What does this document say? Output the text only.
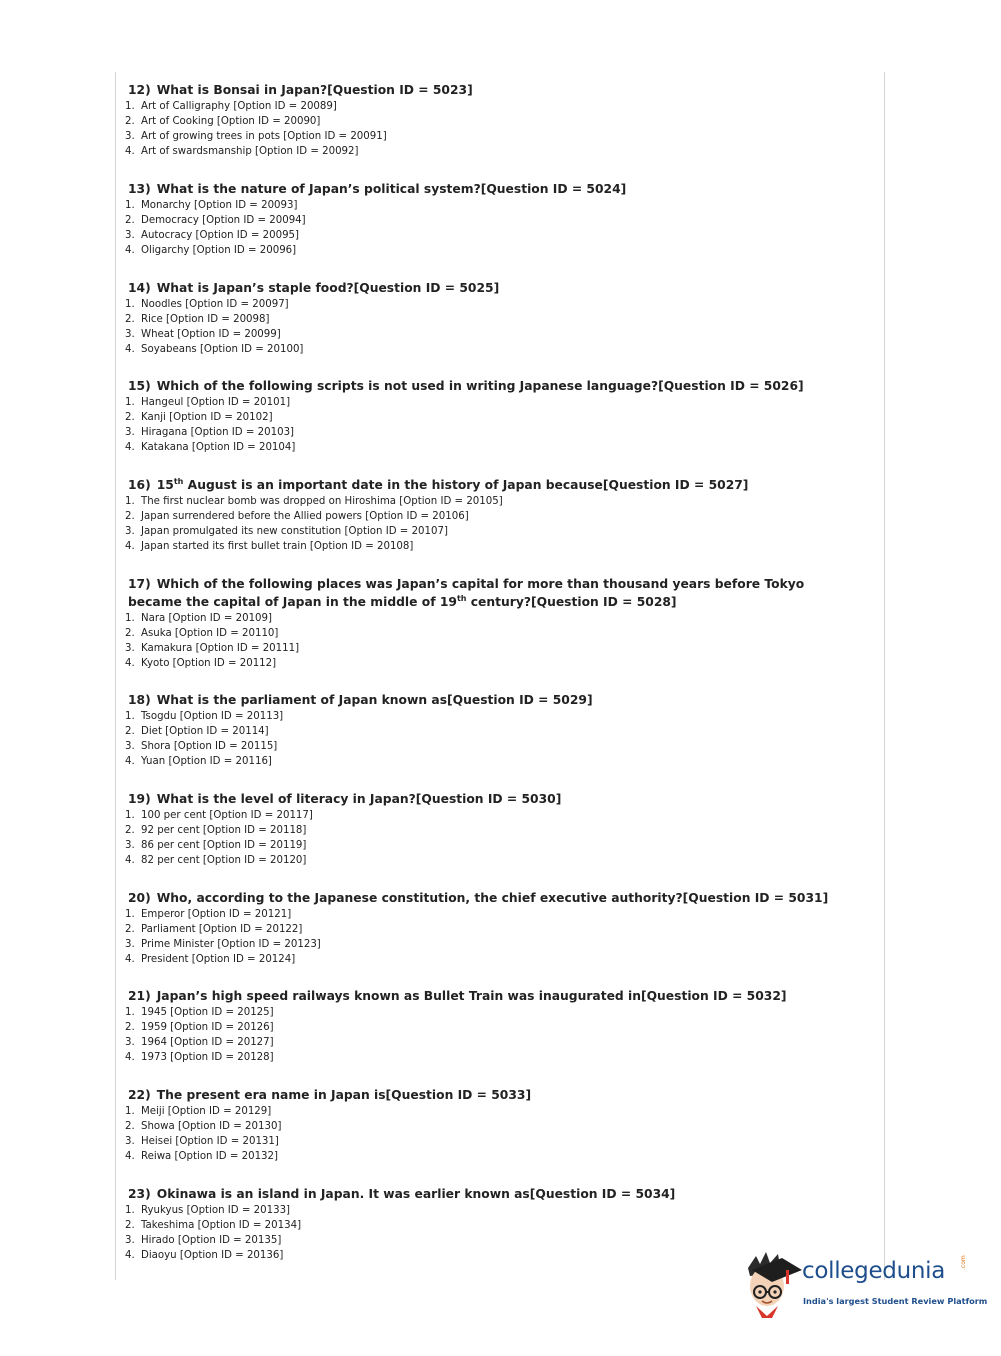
12) What is Bonsai in Japan?[Question ID = 5023]
1. Art of Calligraphy [Option ID = 20089]
2. Art of Cooking [Option ID = 20090]
3. Art of growing trees in pots [Option ID = 20091]
4. Art of swardsmanship [Option ID = 20092]
13) What is the nature of Japan’s political system?[Question ID = 5024]
1. Monarchy [Option ID = 20093]
2. Democracy [Option ID = 20094]
3. Autocracy [Option ID = 20095]
4. Oligarchy [Option ID = 20096]
14) What is Japan’s staple food?[Question ID = 5025]
1. Noodles [Option ID = 20097]
2. Rice [Option ID = 20098]
3. Wheat [Option ID = 20099]
4. Soyabeans [Option ID = 20100]
15) Which of the following scripts is not used in writing Japanese language?[Question ID = 5026]
1. Hangeul [Option ID = 20101]
2. Kanji [Option ID = 20102]
3. Hiragana [Option ID = 20103]
4. Katakana [Option ID = 20104]
16) 15th August is an important date in the history of Japan because[Question ID = 5027]
1. The first nuclear bomb was dropped on Hiroshima [Option ID = 20105]
2. Japan surrendered before the Allied powers [Option ID = 20106]
3. Japan promulgated its new constitution [Option ID = 20107]
4. Japan started its first bullet train [Option ID = 20108]
17) Which of the following places was Japan’s capital for more than thousand years before Tokyo became the capital of Japan in the middle of 19th century?[Question ID = 5028]
1. Nara [Option ID = 20109]
2. Asuka [Option ID = 20110]
3. Kamakura [Option ID = 20111]
4. Kyoto [Option ID = 20112]
18) What is the parliament of Japan known as[Question ID = 5029]
1. Tsogdu [Option ID = 20113]
2. Diet [Option ID = 20114]
3. Shora [Option ID = 20115]
4. Yuan [Option ID = 20116]
19) What is the level of literacy in Japan?[Question ID = 5030]
1. 100 per cent [Option ID = 20117]
2. 92 per cent [Option ID = 20118]
3. 86 per cent [Option ID = 20119]
4. 82 per cent [Option ID = 20120]
20) Who, according to the Japanese constitution, the chief executive authority?[Question ID = 5031]
1. Emperor [Option ID = 20121]
2. Parliament [Option ID = 20122]
3. Prime Minister [Option ID = 20123]
4. President [Option ID = 20124]
21) Japan’s high speed railways known as Bullet Train was inaugurated in[Question ID = 5032]
1. 1945 [Option ID = 20125]
2. 1959 [Option ID = 20126]
3. 1964 [Option ID = 20127]
4. 1973 [Option ID = 20128]
22) The present era name in Japan is[Question ID = 5033]
1. Meiji [Option ID = 20129]
2. Showa [Option ID = 20130]
3. Heisei [Option ID = 20131]
4. Reiwa [Option ID = 20132]
23) Okinawa is an island in Japan. It was earlier known as[Question ID = 5034]
1. Ryukyus [Option ID = 20133]
2. Takeshima [Option ID = 20134]
3. Hirado [Option ID = 20135]
4. Diaoyu [Option ID = 20136]
collegedunia .com
India's largest Student Review Platform
